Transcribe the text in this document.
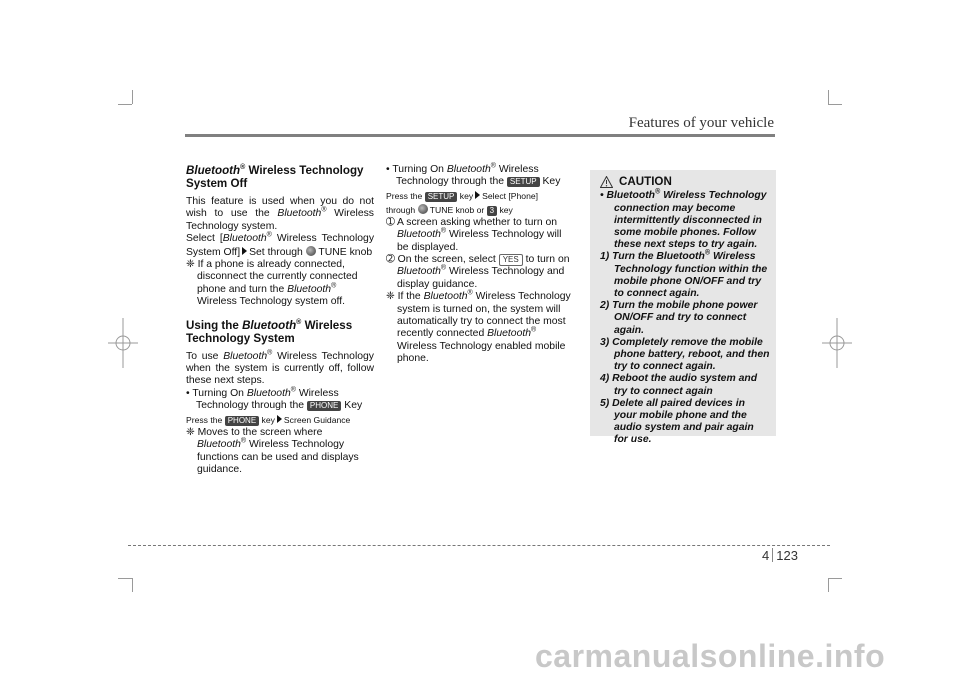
Features of your vehicle
Bluetooth® Wireless Technology System Off

This feature is used when you do not wish to use the Bluetooth® Wireless Technology system.

Select [Bluetooth® Wireless Technology System Off] Set through TUNE knob

❈ If a phone is already connected, disconnect the currently connected phone and turn the Bluetooth® Wireless Technology system off.

Using the Bluetooth® Wireless Technology System

To use Bluetooth® Wireless Technology when the system is currently off, follow these next steps.

• Turning On Bluetooth® Wireless Technology through the PHONE Key

Press the PHONE key Screen Guidance

❈ Moves to the screen where Bluetooth® Wireless Technology functions can be used and displays guidance.

• Turning On Bluetooth® Wireless Technology through the SETUP Key

Press the SETUP key Select [Phone]

through TUNE knob or 3 key

➀ A screen asking whether to turn on Bluetooth® Wireless Technology will be displayed.

➁ On the screen, select YES to turn on Bluetooth® Wireless Technology and display guidance.

❈ If the Bluetooth® Wireless Technology system is turned on, the system will automatically try to connect the most recently connected Bluetooth® Wireless Technology enabled mobile phone.

CAUTION

• Bluetooth® Wireless Technology connection may become intermittently disconnected in some mobile phones. Follow these next steps to try again.

1) Turn the Bluetooth® Wireless Technology function within the mobile phone ON/OFF and try to connect again.

2) Turn the mobile phone power ON/OFF and try to connect again.

3) Completely remove the mobile phone battery, reboot, and then try to connect again.

4) Reboot the audio system and try to connect again

5) Delete all paired devices in your mobile phone and the audio system and pair again for use.

4 123
carmanualsonline.info
